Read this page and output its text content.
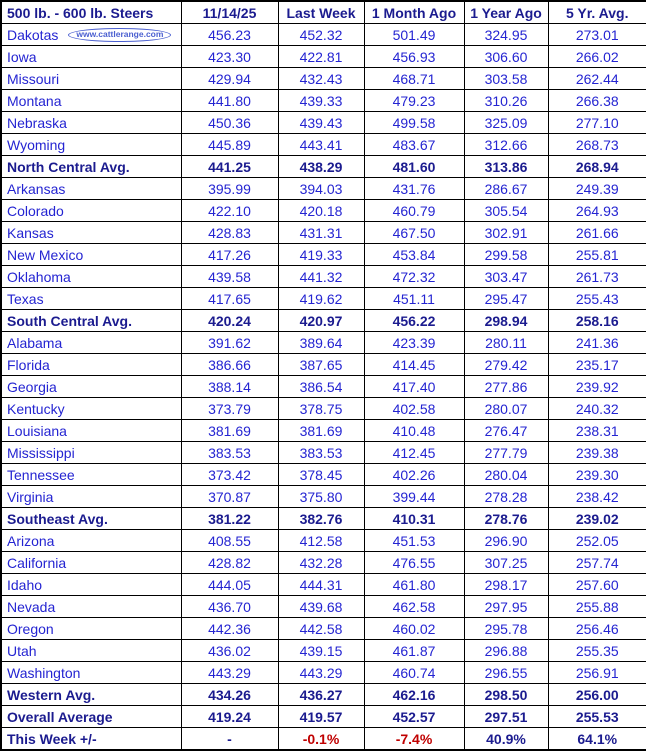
500 lb. - 600 lb. Steers	11/14/25	Last Week	1 Month Ago	1 Year Ago	5 Yr. Avg.
Dakotas www.cattlerange.com	456.23	452.32	501.49	324.95	273.01
Iowa	423.30	422.81	456.93	306.60	266.02
Missouri	429.94	432.43	468.71	303.58	262.44
Montana	441.80	439.33	479.23	310.26	266.38
Nebraska	450.36	439.43	499.58	325.09	277.10
Wyoming	445.89	443.41	483.67	312.66	268.73
North Central Avg.	441.25	438.29	481.60	313.86	268.94
Arkansas	395.99	394.03	431.76	286.67	249.39
Colorado	422.10	420.18	460.79	305.54	264.93
Kansas	428.83	431.31	467.50	302.91	261.66
New Mexico	417.26	419.33	453.84	299.58	255.81
Oklahoma	439.58	441.32	472.32	303.47	261.73
Texas	417.65	419.62	451.11	295.47	255.43
South Central Avg.	420.24	420.97	456.22	298.94	258.16
Alabama	391.62	389.64	423.39	280.11	241.36
Florida	386.66	387.65	414.45	279.42	235.17
Georgia	388.14	386.54	417.40	277.86	239.92
Kentucky	373.79	378.75	402.58	280.07	240.32
Louisiana	381.69	381.69	410.48	276.47	238.31
Mississippi	383.53	383.53	412.45	277.79	239.38
Tennessee	373.42	378.45	402.26	280.04	239.30
Virginia	370.87	375.80	399.44	278.28	238.42
Southeast Avg.	381.22	382.76	410.31	278.76	239.02
Arizona	408.55	412.58	451.53	296.90	252.05
California	428.82	432.28	476.55	307.25	257.74
Idaho	444.05	444.31	461.80	298.17	257.60
Nevada	436.70	439.68	462.58	297.95	255.88
Oregon	442.36	442.58	460.02	295.78	256.46
Utah	436.02	439.15	461.87	296.88	255.35
Washington	443.29	443.29	460.74	296.55	256.91
Western Avg.	434.26	436.27	462.16	298.50	256.00
Overall Average	419.24	419.57	452.57	297.51	255.53
This Week +/-	-	-0.1%	-7.4%	40.9%	64.1%
